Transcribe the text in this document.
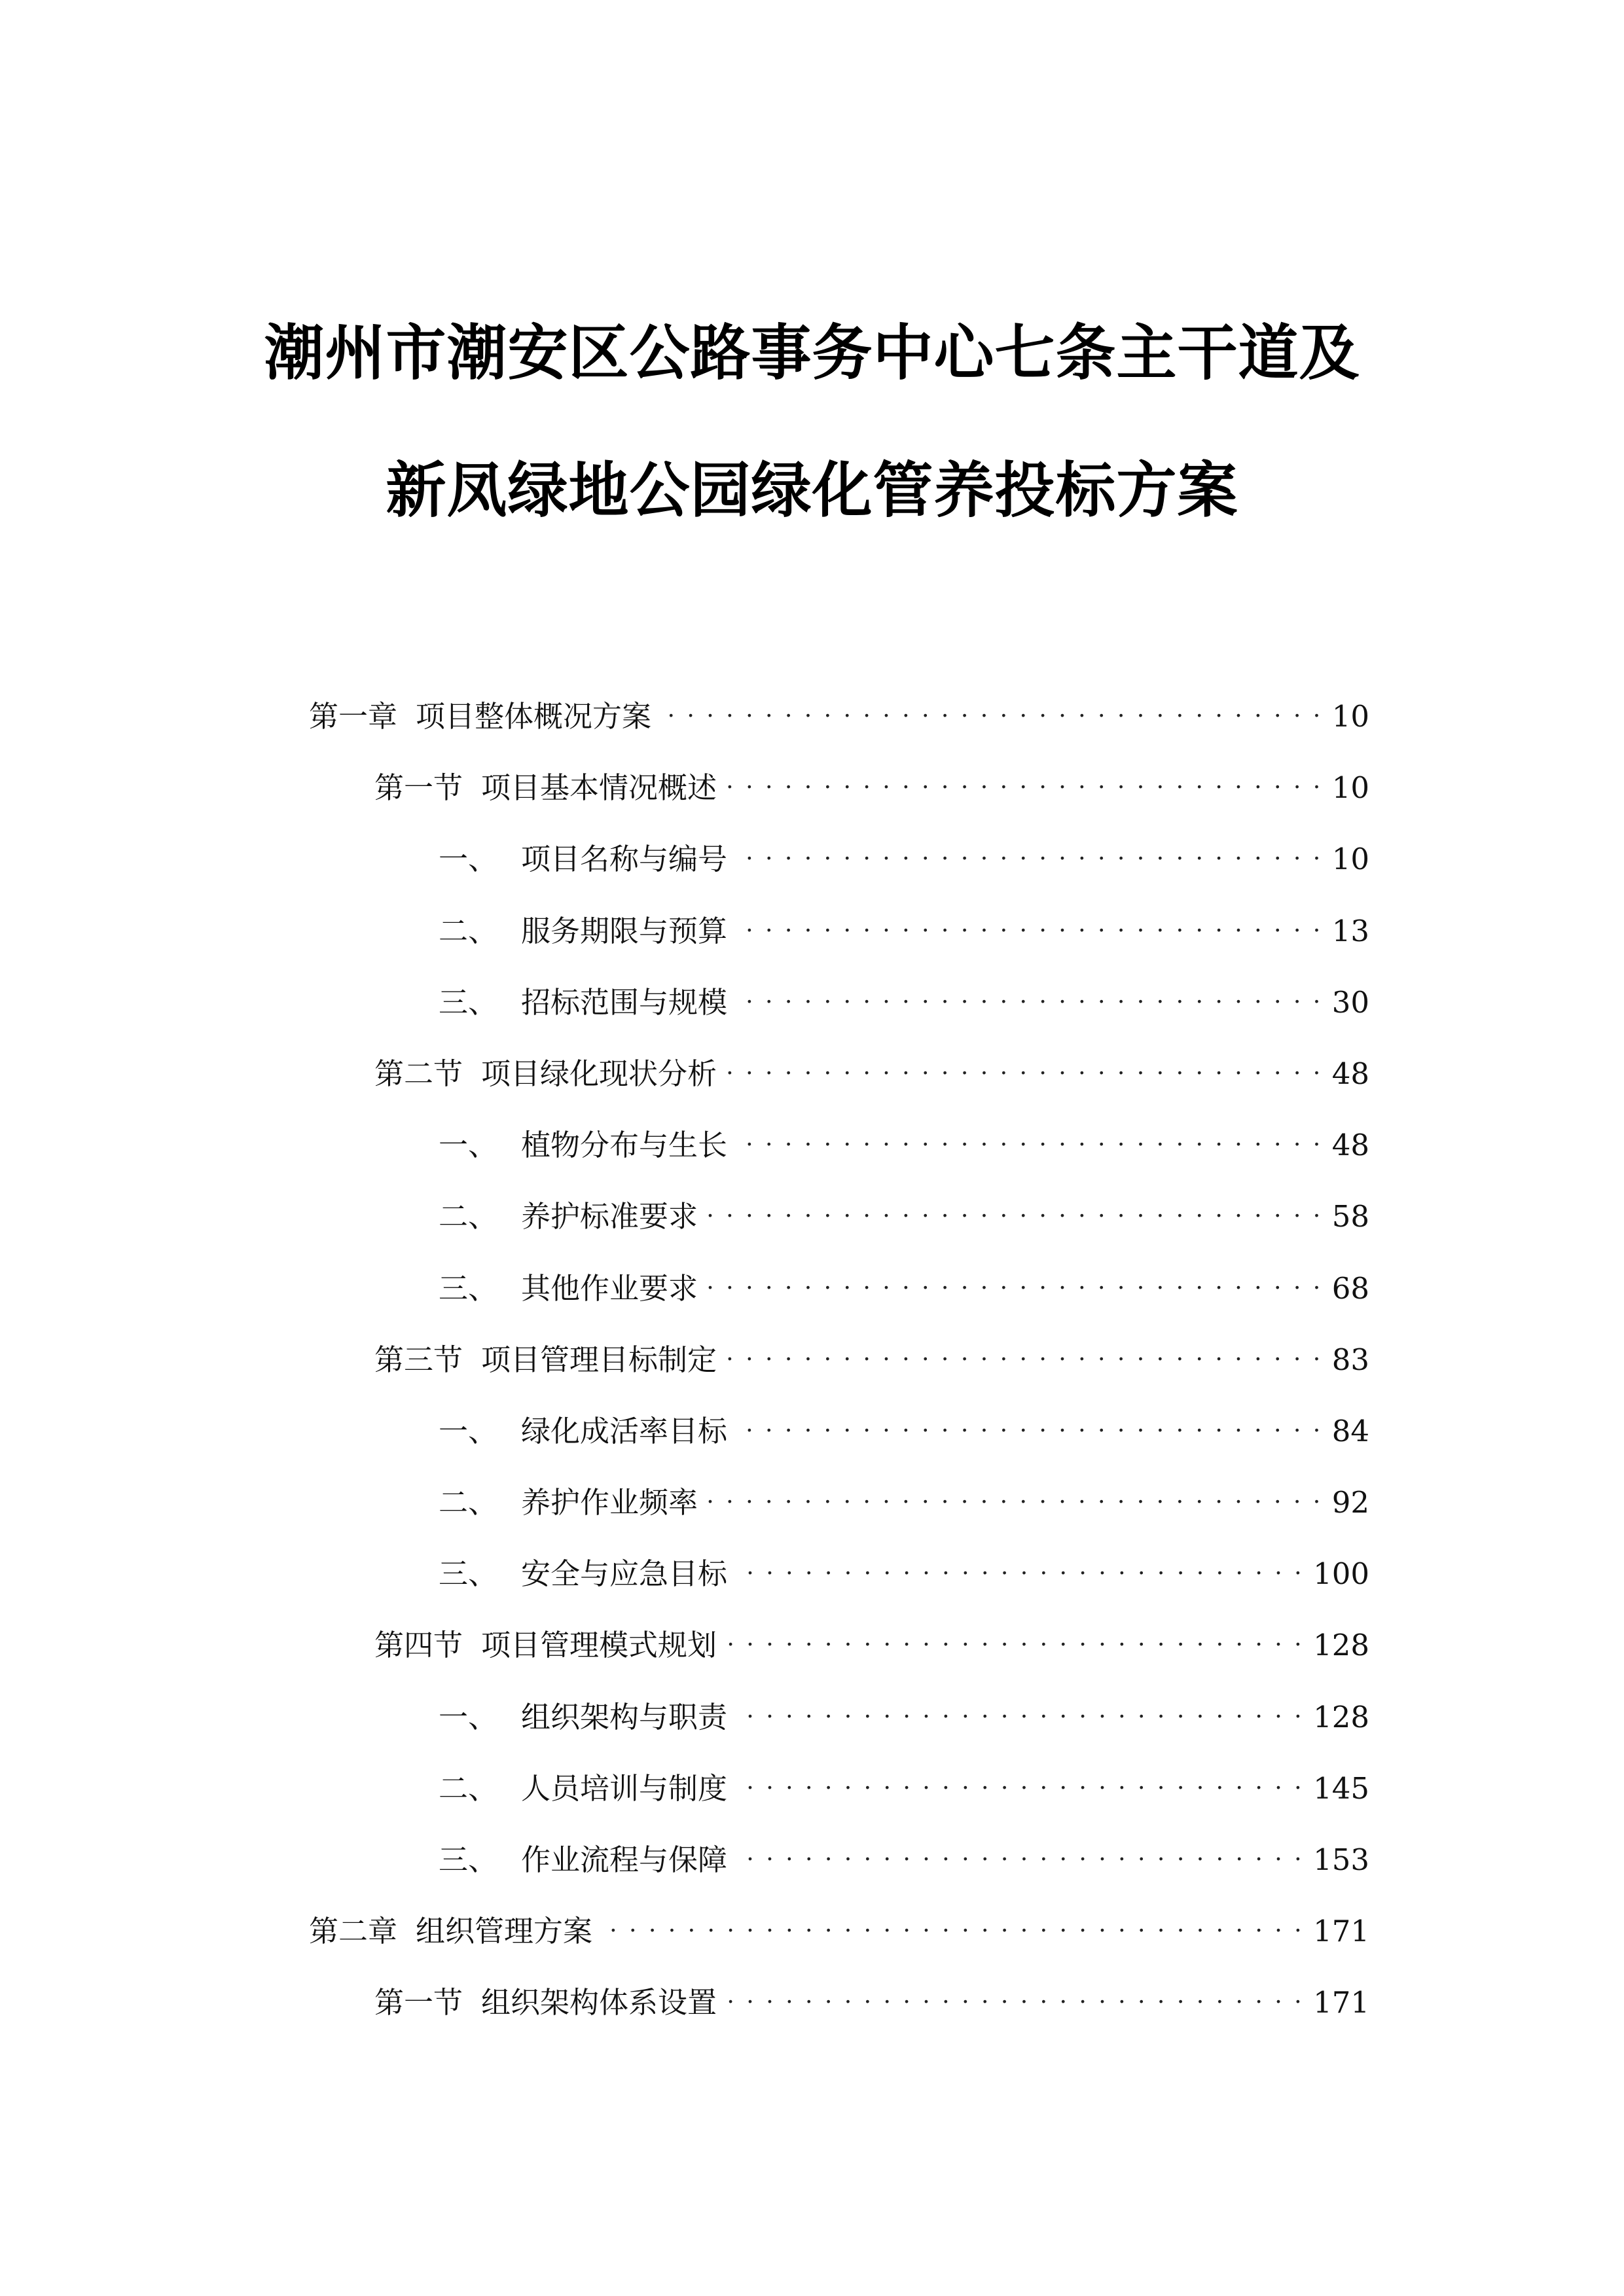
潮州市潮安区公路事务中心七条主干道及
新凤绿地公园绿化管养投标方案
第一章 项目整体概况方案 . . .	10
第一节 项目基本情况概述 . . .	10
一、 项目名称与编号 . . .	10
二、 服务期限与预算 . . .	13
三、 招标范围与规模 . . .	30
第二节 项目绿化现状分析 . . .	48
一、 植物分布与生长 . . .	48
二、 养护标准要求 . . .	58
三、 其他作业要求 . . .	68
第三节 项目管理目标制定 . . .	83
一、 绿化成活率目标 . . .	84
二、 养护作业频率 . . .	92
三、 安全与应急目标 . . .	100
第四节 项目管理模式规划 . . .	128
一、 组织架构与职责 . . .	128
二、 人员培训与制度 . . .	145
三、 作业流程与保障 . . .	153
第二章 组织管理方案 . . .	171
第一节 组织架构体系设置 . . .	171
